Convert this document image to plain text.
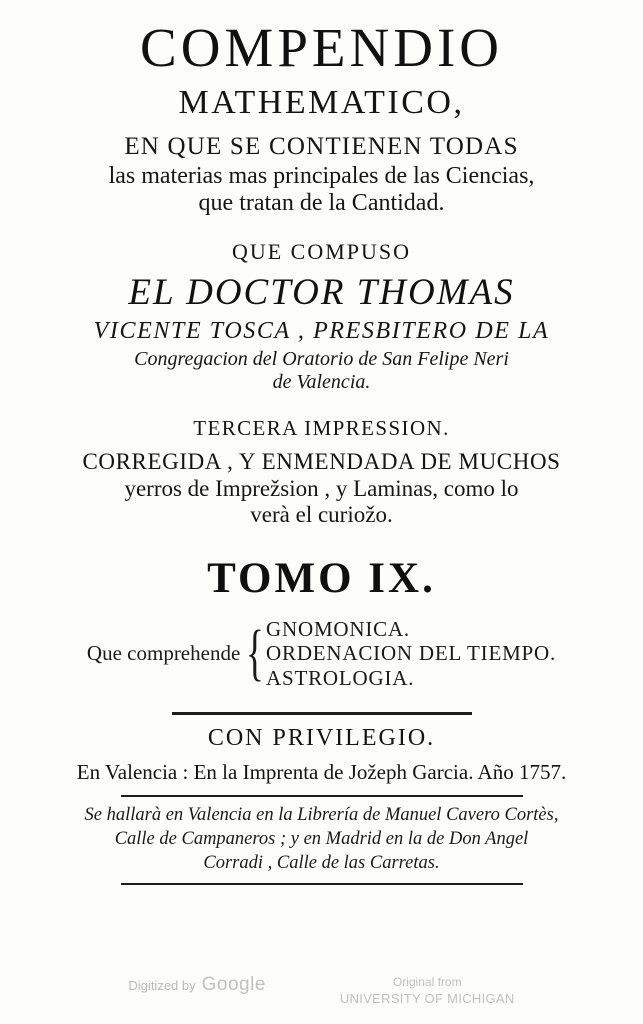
COMPENDIO
MATHEMATICO,
EN QUE SE CONTIENEN TODAS
las materias mas principales de las Ciencias,
que tratan de la Cantidad.
QUE COMPUSO
EL DOCTOR THOMAS
VICENTE TOSCA , PRESBITERO DE LA
Congregacion del Oratorio de San Felipe Neri
de Valencia.
TERCERA IMPRESSION.
CORREGIDA , Y ENMENDADA DE MUCHOS
yerros de Imprežsion , y Laminas, como lo
verà el curiožo.
TOMO IX.
Que comprehende { GNOMONICA.
ORDENACION DEL TIEMPO.
ASTROLOGIA.
CON PRIVILEGIO.
En Valencia : En la Imprenta de Jožeph Garcia. Año 1757.
Se hallarà en Valencia en la Librería de Manuel Cavero Cortès,
Calle de Campaneros ; y en Madrid en la de Don Angel
Corradi , Calle de las Carretas.
Digitized by Google	Original from
UNIVERSITY OF MICHIGAN
